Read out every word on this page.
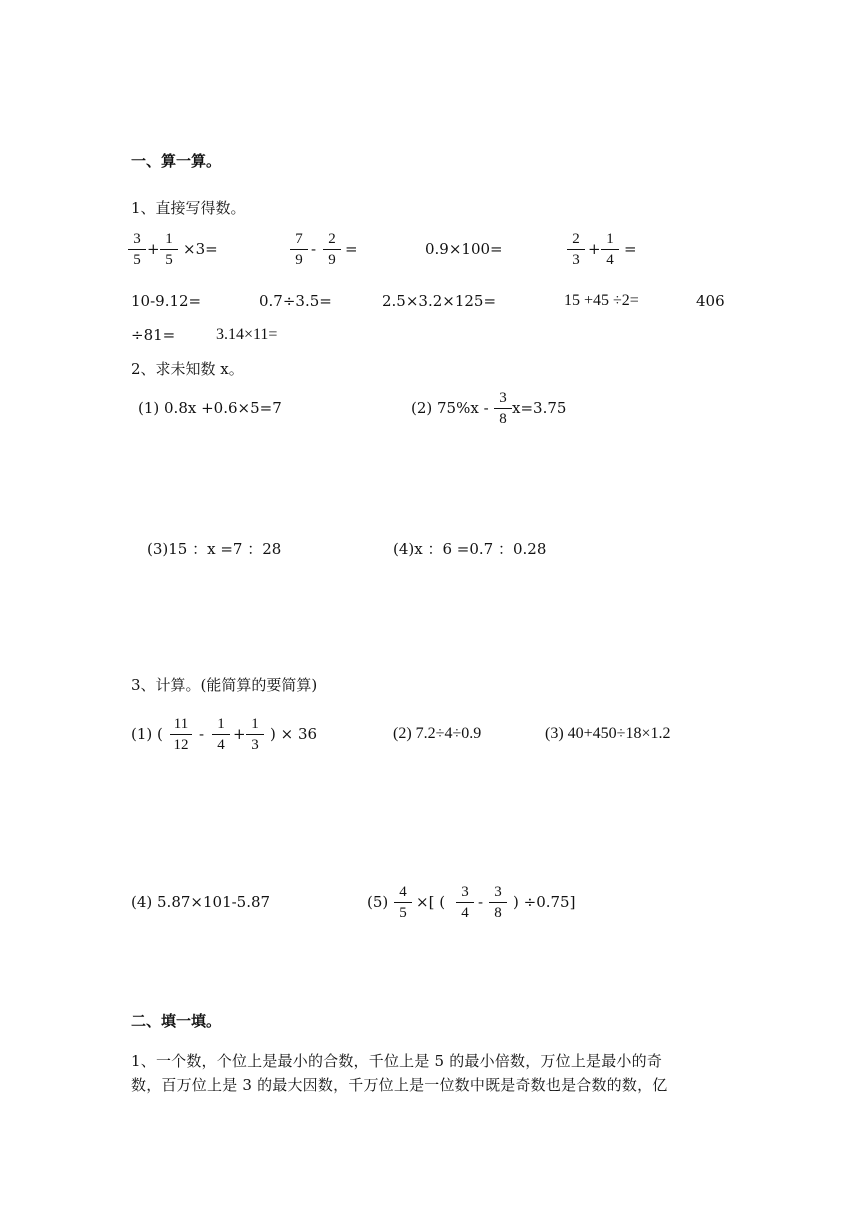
一、算一算。
1、直接写得数。
$\frac{3}{5} + \frac{1}{5} \times 3=$	$\frac{7}{9} - \frac{2}{9}$ =	0.9×100=	$\frac{2}{3} + \frac{1}{4}$ =
10-9.12=	0.7÷3.5=	2.5×3.2×125=	15 +45 ÷2=	406
÷81=	3.14×11=
2、求未知数 x。
(1) 0.8x +0.6×5=7	(2) $75\%x - \frac{3}{8} x=3.75$
(3)15 ：x =7 ：28	(4)x ：6 =0.7 ：0.28
3、计算。(能简算的要简算)
(1) ( $\frac{11}{12} - \frac{1}{4} + \frac{1}{3}$ ) × 36	(2) 7.2÷4÷0.9	(3) 40+450÷18×1.2
(4) 5.87×101-5.87	$(5) \frac{4}{5}$ ×[ ( $\frac{3}{4} - \frac{3}{8}$ ) ÷0.75]
二、填一填。
1、一个数，个位上是最小的合数，千位上是 5 的最小倍数，万位上是最小的奇
数，百万位上是 3 的最大因数，千万位上是一位数中既是奇数也是合数的数，亿
